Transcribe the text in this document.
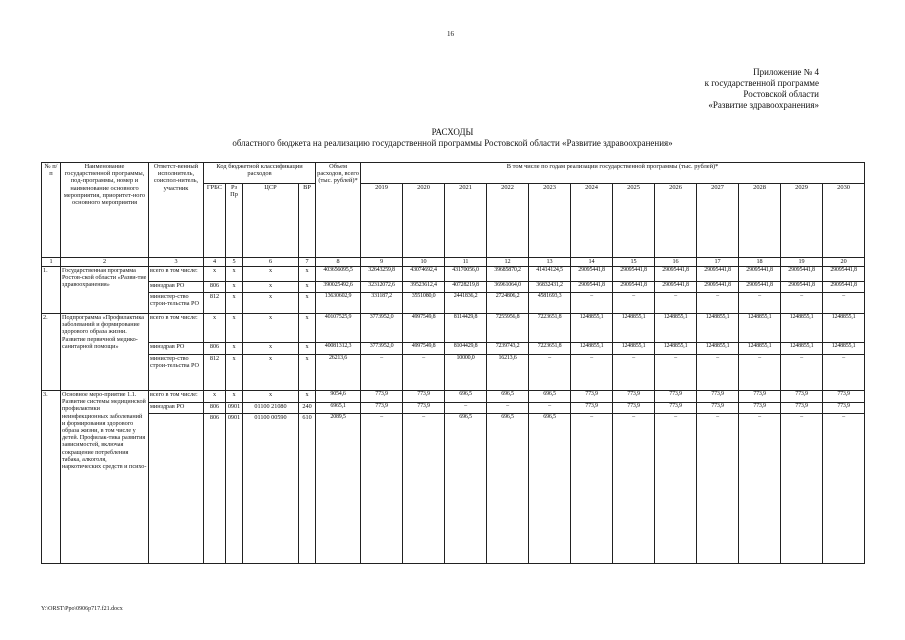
16
Приложение № 4
к государственной программе
Ростовской области
«Развитие здравоохранения»
РАСХОДЫ
областного бюджета на реализацию государственной программы Ростовской области «Развитие здравоохранения»
№ п/п	Наименование государственной программы, под-программы, номер и наименование основного мероприятия, приоритет-ного основного мероприятия	Ответст-венный исполнитель, соиспол-нитель, участник	Код бюджетной классификации расходов				Объем расходов, всего (тыс. рублей)*	В том числе по годам реализации государственной программы (тыс. рублей)*											
			ГРБС	Рз Пр	ЦСР	ВР		2019	2020	2021	2022	2023	2024	2025	2026	2027	2028	2029	2030
1	2	3	4	5	6	7	8	9	10	11	12	13	14	15	16	17	18	19	20
1.	Государственная программа Ростов-ской области «Разви-тие здравоохранения»	всего в том числе:	х	х	х	х	403656095,5	32643259,8	43074692,4	43170056,0	39685870,2	41414124,5	29095441,8	29095441,8	29095441,8	29095441,8	29095441,8	29095441,8	29095441,8
		минздрав РО	806	х	х	х	390025492,6	32312072,6	39523612,4	40728219,8	36961064,0	36832431,2	29095441,8	29095441,8	29095441,8	29095441,8	29095441,8	29095441,8	29095441,8
		министер-ство строи-тельства РО	812	х	х	х	13630602,9	331187,2	3551080,0	2441836,2	2724806,2	4581693,3	–	–	–	–	–	–	–
2.	Подпрограмма «Профилактика заболеваний и формирование здорового образа жизни. Развитие первичной медико-санитарной помощи»	всего в том числе:	х	х	х	х	40107525,9	3773952,0	4997549,8	8114429,8	7255956,8	7223651,8	1248855,1	1248855,1	1248855,1	1248855,1	1248855,1	1248855,1	1248855,1
		минздрав РО	806	х	х	х	40081312,3	3773952,0	4997549,8	8104429,8	7239743,2	7223651,8	1248855,1	1248855,1	1248855,1	1248855,1	1248855,1	1248855,1	1248855,1
		министер-ство строи-тельства РО	812	х	х	х	26213,6	–	–	10000,0	16213,6	–	–	–	–	–	–	–	–
3.	Основное меро-приятие 1.1. Развитие системы медицинской профилактики неинфекционных заболеваний и формирования здорового образа жизни, в том числе у детей. Профилак-тика развития зависимостей, включая сокращение потребления табака, алкоголя, наркотических средств и психо-	всего в том числе:	х	х	х	х	9054,6	773,9	773,9	696,5	696,5	696,5	773,9	773,9	773,9	773,9	773,9	773,9	773,9
		минздрав РО	806	0901	01100 21080	240	6965,1	773,9	773,9	–	–	–	773,9	773,9	773,9	773,9	773,9	773,9	773,9
			806	0901	01100 00590	610	2089,5	–	–	696,5	696,5	696,5	–	–	–	–	–	–	–
Y:\ORST\Ppo\0906p717.f21.docx
